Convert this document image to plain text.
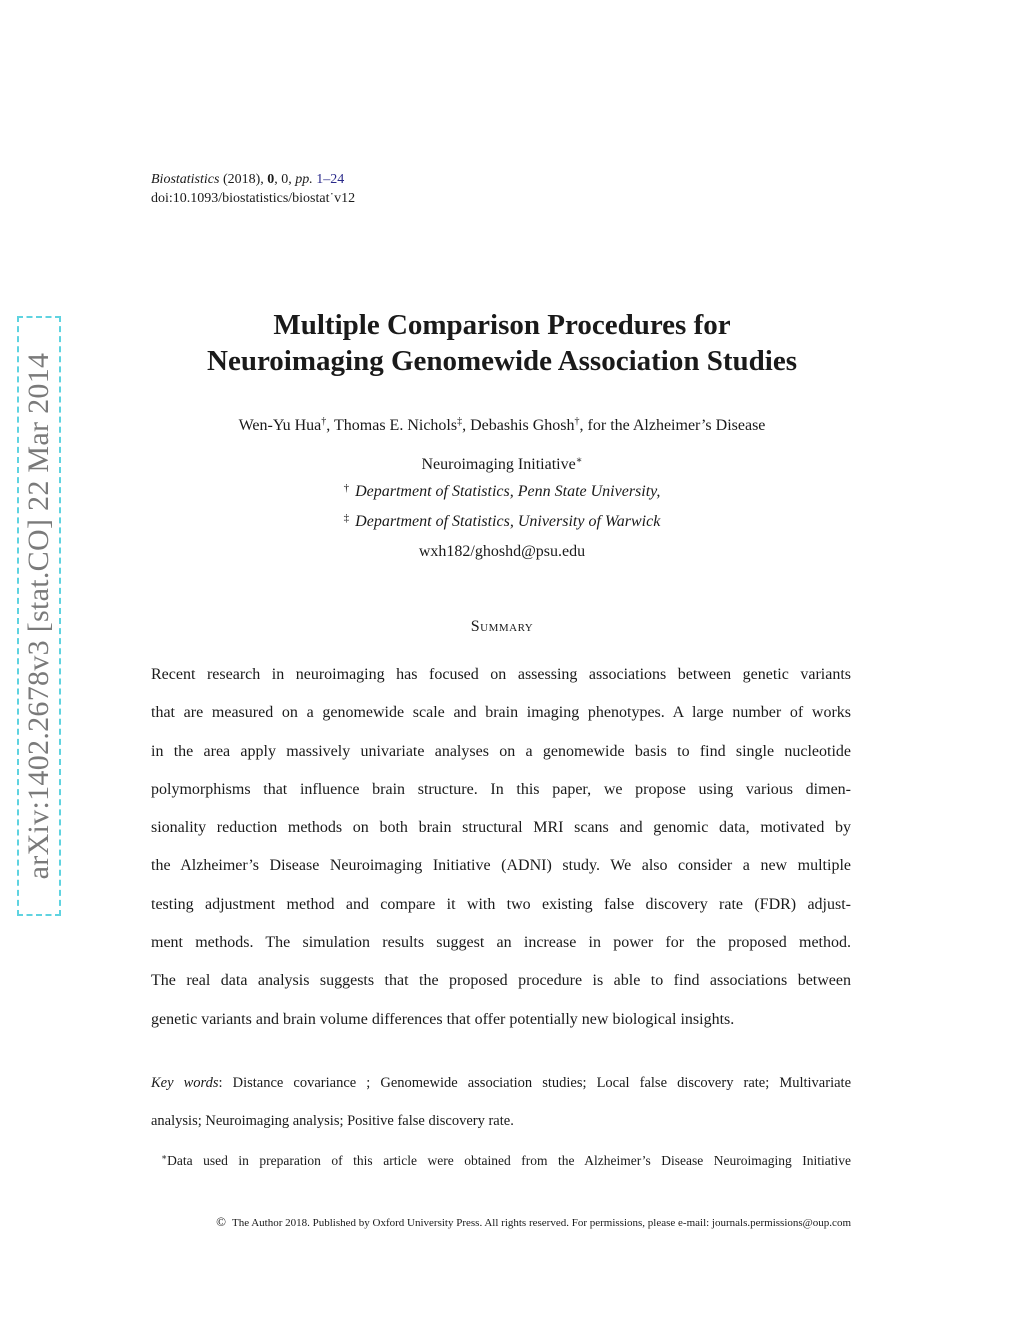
arXiv:1402.2678v3 [stat.CO] 22 Mar 2014
Biostatistics (2018), 0, 0, pp. 1–24
doi:10.1093/biostatistics/biostat˙v12
Multiple Comparison Procedures for
Neuroimaging Genomewide Association Studies
Wen-Yu Hua†, Thomas E. Nichols‡, Debashis Ghosh†, for the Alzheimer’s Disease
Neuroimaging Initiative∗
† Department of Statistics, Penn State University,
‡ Department of Statistics, University of Warwick
wxh182/ghoshd@psu.edu
Summary
Recent research in neuroimaging has focused on assessing associations between genetic variants
that are measured on a genomewide scale and brain imaging phenotypes. A large number of works
in the area apply massively univariate analyses on a genomewide basis to find single nucleotide
polymorphisms that influence brain structure. In this paper, we propose using various dimen-
sionality reduction methods on both brain structural MRI scans and genomic data, motivated by
the Alzheimer’s Disease Neuroimaging Initiative (ADNI) study. We also consider a new multiple
testing adjustment method and compare it with two existing false discovery rate (FDR) adjust-
ment methods. The simulation results suggest an increase in power for the proposed method.
The real data analysis suggests that the proposed procedure is able to find associations between
genetic variants and brain volume differences that offer potentially new biological insights.
Key words: Distance covariance ; Genomewide association studies; Local false discovery rate; Multivariate
analysis; Neuroimaging analysis; Positive false discovery rate.
∗Data used in preparation of this article were obtained from the Alzheimer’s Disease Neuroimaging Initiative
© The Author 2018. Published by Oxford University Press. All rights reserved. For permissions, please e-mail: journals.permissions@oup.com
